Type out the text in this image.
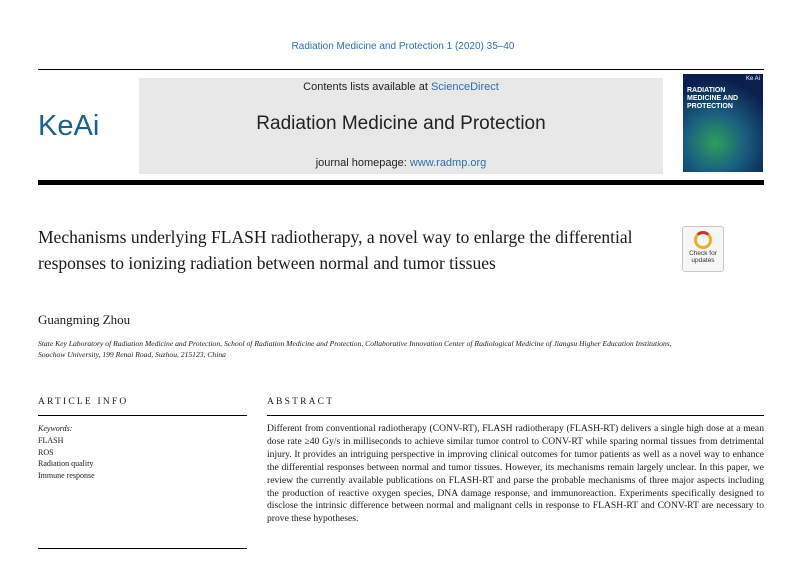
Radiation Medicine and Protection 1 (2020) 35–40
KeAi
Contents lists available at ScienceDirect
Radiation Medicine and Protection
journal homepage: www.radmp.org
Ke Ai
RADIATION MEDICINE AND PROTECTION
Mechanisms underlying FLASH radiotherapy, a novel way to enlarge the differential responses to ionizing radiation between normal and tumor tissues	Check for updates
Guangming Zhou
State Key Laboratory of Radiation Medicine and Protection, School of Radiation Medicine and Protection, Collaborative Innovation Center of Radiological Medicine of Jiangsu Higher Education Institutions, Soochow University, 199 Renai Road, Suzhou, 215123, China
ARTICLE INFO	ABSTRACT
Keywords:
FLASH
ROS
Radiation quality
Immune response
Different from conventional radiotherapy (CONV-RT), FLASH radiotherapy (FLASH-RT) delivers a single high dose at a mean dose rate ≥40 Gy/s in milliseconds to achieve similar tumor control to CONV-RT while sparing normal tissues from detrimental injury. It provides an intriguing perspective in improving clinical outcomes for tumor patients as well as a novel way to enhance the differential responses between normal and tumor tissues. However, its mechanisms remain largely unclear. In this paper, we review the currently available publications on FLASH-RT and parse the probable mechanisms of three major aspects including the production of reactive oxygen species, DNA damage response, and immunoreaction. Experiments specifically designed to disclose the intrinsic difference between normal and malignant cells in response to FLASH-RT and CONV-RT are necessary to prove these hypotheses.
